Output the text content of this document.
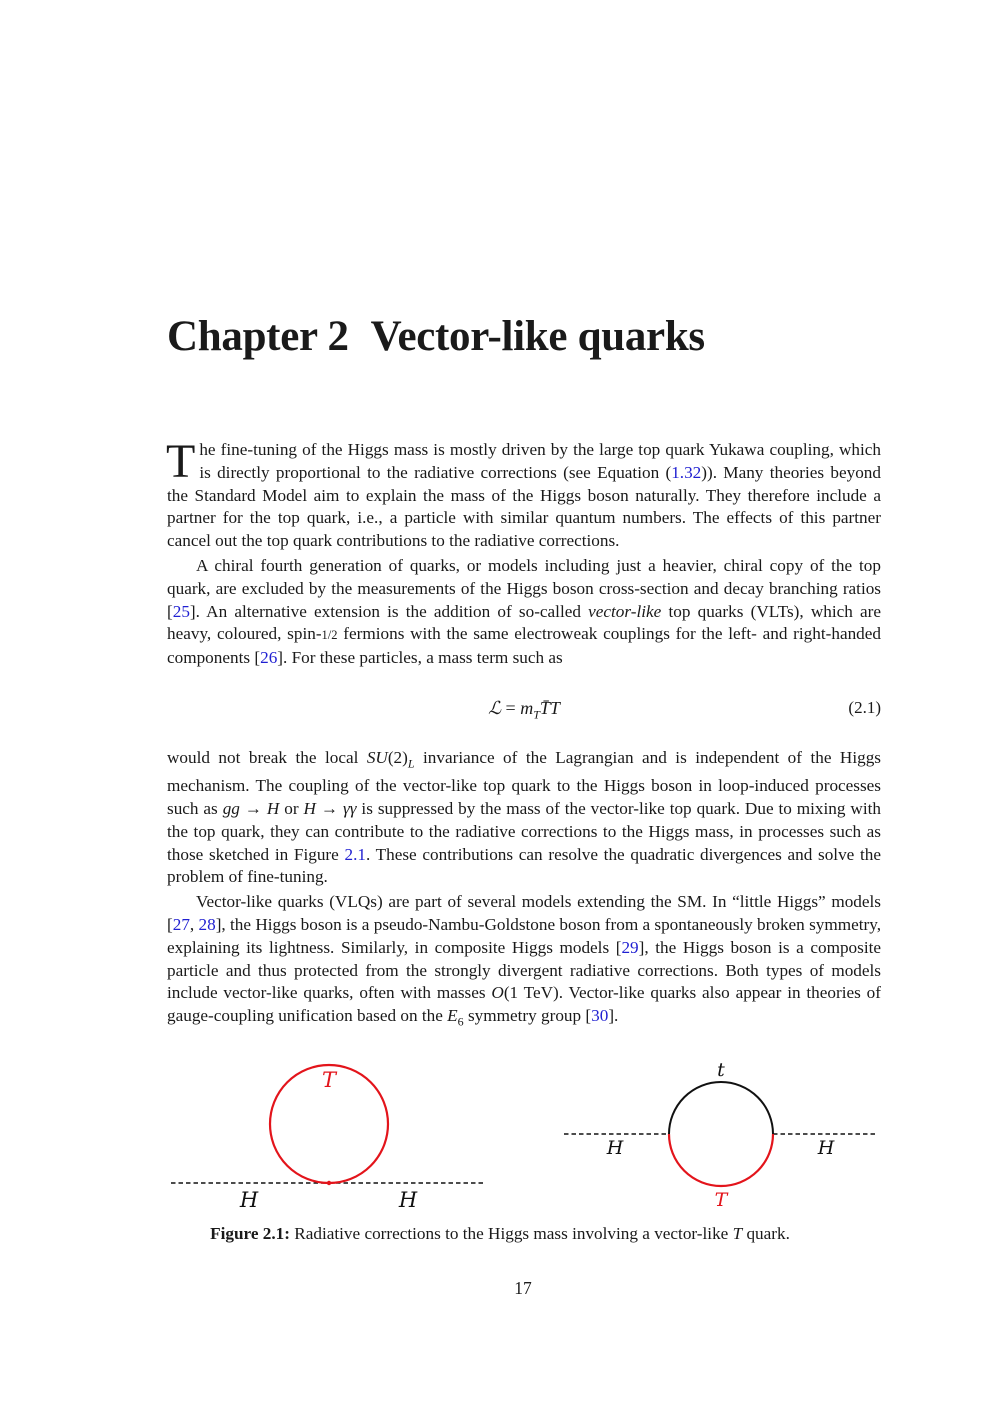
Chapter 2 Vector-like quarks

The fine-tuning of the Higgs mass is mostly driven by the large top quark Yukawa coupling, which is directly proportional to the radiative corrections (see Equation (1.32)). Many theories beyond the Standard Model aim to explain the mass of the Higgs boson naturally. They therefore include a partner for the top quark, i.e., a particle with similar quantum numbers. The effects of this partner cancel out the top quark contributions to the radiative corrections.

A chiral fourth generation of quarks, or models including just a heavier, chiral copy of the top quark, are excluded by the measurements of the Higgs boson cross-section and decay branching ratios [25]. An alternative extension is the addition of so-called vector-like top quarks (VLTs), which are heavy, coloured, spin-1/2 fermions with the same electroweak couplings for the left- and right-handed components [26]. For these particles, a mass term such as

ℒ = $m_TT̄T$	(2.1)

would not break the local $SU(2)_L$ invariance of the Lagrangian and is independent of the Higgs mechanism. The coupling of the vector-like top quark to the Higgs boson in loop-induced processes such as gg → H or H → γγ is suppressed by the mass of the vector-like top quark. Due to mixing with the top quark, they can contribute to the radiative corrections to the Higgs mass, in processes such as those sketched in Figure 2.1. These contributions can resolve the quadratic divergences and solve the problem of fine-tuning.

Vector-like quarks (VLQs) are part of several models extending the SM. In “little Higgs” models [27, 28], the Higgs boson is a pseudo-Nambu-Goldstone boson from a spontaneously broken symmetry, explaining its lightness. Similarly, in composite Higgs models [29], the Higgs boson is a composite particle and thus protected from the strongly divergent radiative corrections. Both types of models include vector-like quarks, often with masses O(1 TeV). Vector-like quarks also appear in theories of gauge-coupling unification based on the $E_6$ symmetry group [30].

T
H	H
t
T
H	H
Figure 2.1: Radiative corrections to the Higgs mass involving a vector-like T quark.
17
